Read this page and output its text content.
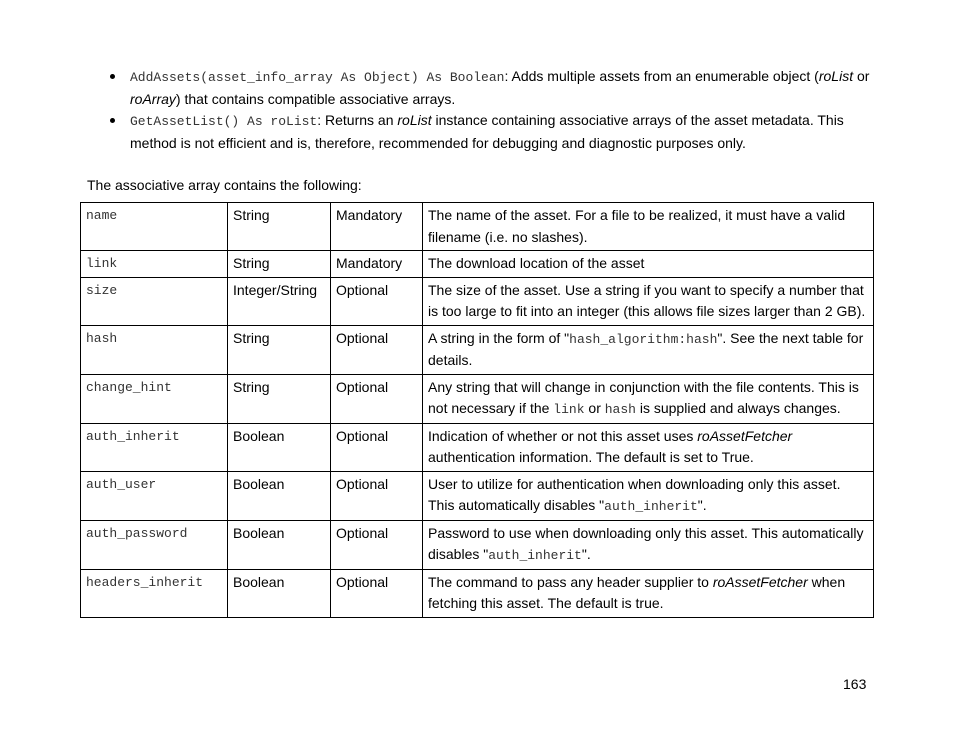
AddAssets(asset_info_array As Object) As Boolean: Adds multiple assets from an enumerable object (roList or roArray) that contains compatible associative arrays.
GetAssetList() As roList: Returns an roList instance containing associative arrays of the asset metadata. This method is not efficient and is, therefore, recommended for debugging and diagnostic purposes only.
The associative array contains the following:
name	String	Mandatory	The name of the asset. For a file to be realized, it must have a valid filename (i.e. no slashes).
link	String	Mandatory	The download location of the asset
size	Integer/String	Optional	The size of the asset. Use a string if you want to specify a number that is too large to fit into an integer (this allows file sizes larger than 2 GB).
hash	String	Optional	A string in the form of "hash_algorithm:hash". See the next table for details.
change_hint	String	Optional	Any string that will change in conjunction with the file contents. This is not necessary if the link or hash is supplied and always changes.
auth_inherit	Boolean	Optional	Indication of whether or not this asset uses roAssetFetcher authentication information. The default is set to True.
auth_user	Boolean	Optional	User to utilize for authentication when downloading only this asset. This automatically disables "auth_inherit".
auth_password	Boolean	Optional	Password to use when downloading only this asset. This automatically disables "auth_inherit".
headers_inherit	Boolean	Optional	The command to pass any header supplier to roAssetFetcher when fetching this asset. The default is true.
163
